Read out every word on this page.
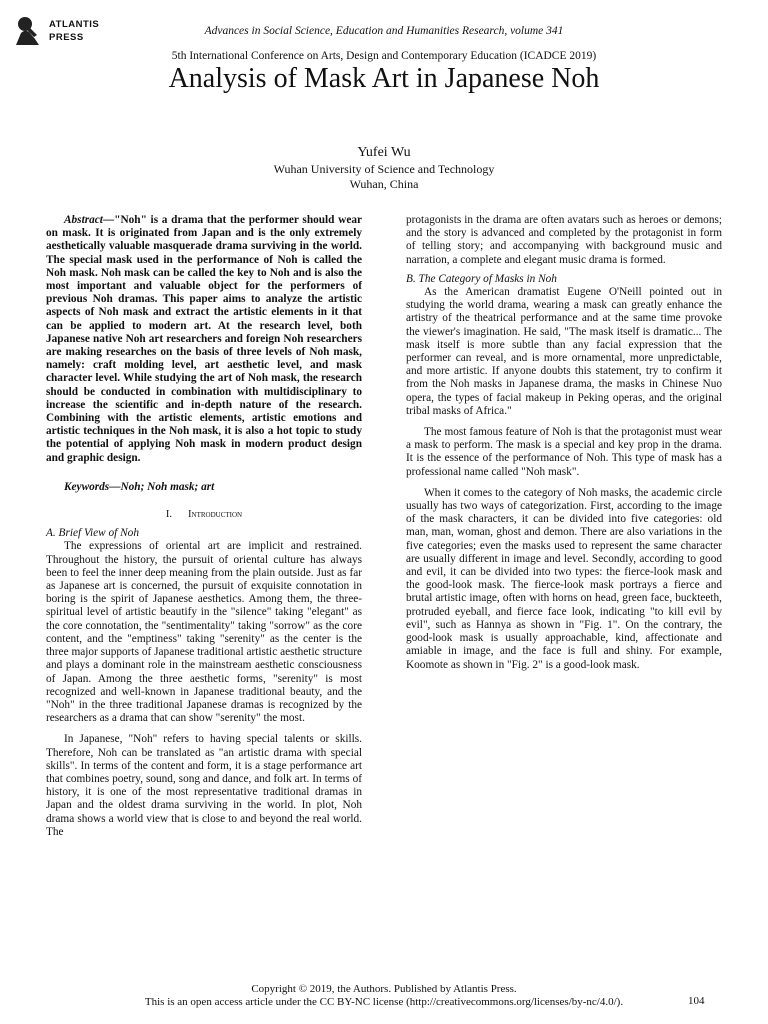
ATLANTIS
PRESS
Advances in Social Science, Education and Humanities Research, volume 341
5th International Conference on Arts, Design and Contemporary Education (ICADCE 2019)
Analysis of Mask Art in Japanese Noh
Yufei Wu
Wuhan University of Science and Technology
Wuhan, China

Abstract—"Noh" is a drama that the performer should wear on mask. It is originated from Japan and is the only extremely aesthetically valuable masquerade drama surviving in the world. The special mask used in the performance of Noh is called the Noh mask. Noh mask can be called the key to Noh and is also the most important and valuable object for the performers of previous Noh dramas. This paper aims to analyze the artistic aspects of Noh mask and extract the artistic elements in it that can be applied to modern art. At the research level, both Japanese native Noh art researchers and foreign Noh researchers are making researches on the basis of three levels of Noh mask, namely: craft molding level, art aesthetic level, and mask character level. While studying the art of Noh mask, the research should be conducted in combination with multidisciplinary to increase the scientific and in-depth nature of the research. Combining with the artistic elements, artistic emotions and artistic techniques in the Noh mask, it is also a hot topic to study the potential of applying Noh mask in modern product design and graphic design.

Keywords—Noh; Noh mask; art

I. Introduction

A. Brief View of Noh

The expressions of oriental art are implicit and restrained. Throughout the history, the pursuit of oriental culture has always been to feel the inner deep meaning from the plain outside. Just as far as Japanese art is concerned, the pursuit of exquisite connotation in boring is the spirit of Japanese aesthetics. Among them, the three-spiritual level of artistic beautify in the "silence" taking "elegant" as the core connotation, the "sentimentality" taking "sorrow" as the core content, and the "emptiness" taking "serenity" as the center is the three major supports of Japanese traditional artistic aesthetic structure and plays a dominant role in the mainstream aesthetic consciousness of Japan. Among the three aesthetic forms, "serenity" is most recognized and well-known in Japanese traditional beauty, and the "Noh" in the three traditional Japanese dramas is recognized by the researchers as a drama that can show "serenity" the most.

In Japanese, "Noh" refers to having special talents or skills. Therefore, Noh can be translated as "an artistic drama with special skills". In terms of the content and form, it is a stage performance art that combines poetry, sound, song and dance, and folk art. In terms of history, it is one of the most representative traditional dramas in Japan and the oldest drama surviving in the world. In plot, Noh drama shows a world view that is close to and beyond the real world. The

protagonists in the drama are often avatars such as heroes or demons; and the story is advanced and completed by the protagonist in form of telling story; and accompanying with background music and narration, a complete and elegant music drama is formed.

B. The Category of Masks in Noh

As the American dramatist Eugene O'Neill pointed out in studying the world drama, wearing a mask can greatly enhance the artistry of the theatrical performance and at the same time provoke the viewer's imagination. He said, "The mask itself is dramatic... The mask itself is more subtle than any facial expression that the performer can reveal, and is more ornamental, more unpredictable, and more artistic. If anyone doubts this statement, try to confirm it from the Noh masks in Japanese drama, the masks in Chinese Nuo opera, the types of facial makeup in Peking operas, and the original tribal masks of Africa."

The most famous feature of Noh is that the protagonist must wear a mask to perform. The mask is a special and key prop in the drama. It is the essence of the performance of Noh. This type of mask has a professional name called "Noh mask".

When it comes to the category of Noh masks, the academic circle usually has two ways of categorization. First, according to the image of the mask characters, it can be divided into five categories: old man, man, woman, ghost and demon. There are also variations in the five categories; even the masks used to represent the same character are usually different in image and level. Secondly, according to good and evil, it can be divided into two types: the fierce-look mask and the good-look mask. The fierce-look mask portrays a fierce and brutal artistic image, often with horns on head, green face, buckteeth, protruded eyeball, and fierce face look, indicating "to kill evil by evil", such as Hannya as shown in "Fig. 1". On the contrary, the good-look mask is usually approachable, kind, affectionate and amiable in image, and the face is full and shiny. For example, Koomote as shown in "Fig. 2" is a good-look mask.

Copyright © 2019, the Authors. Published by Atlantis Press.
This is an open access article under the CC BY-NC license (http://creativecommons.org/licenses/by-nc/4.0/).	104
